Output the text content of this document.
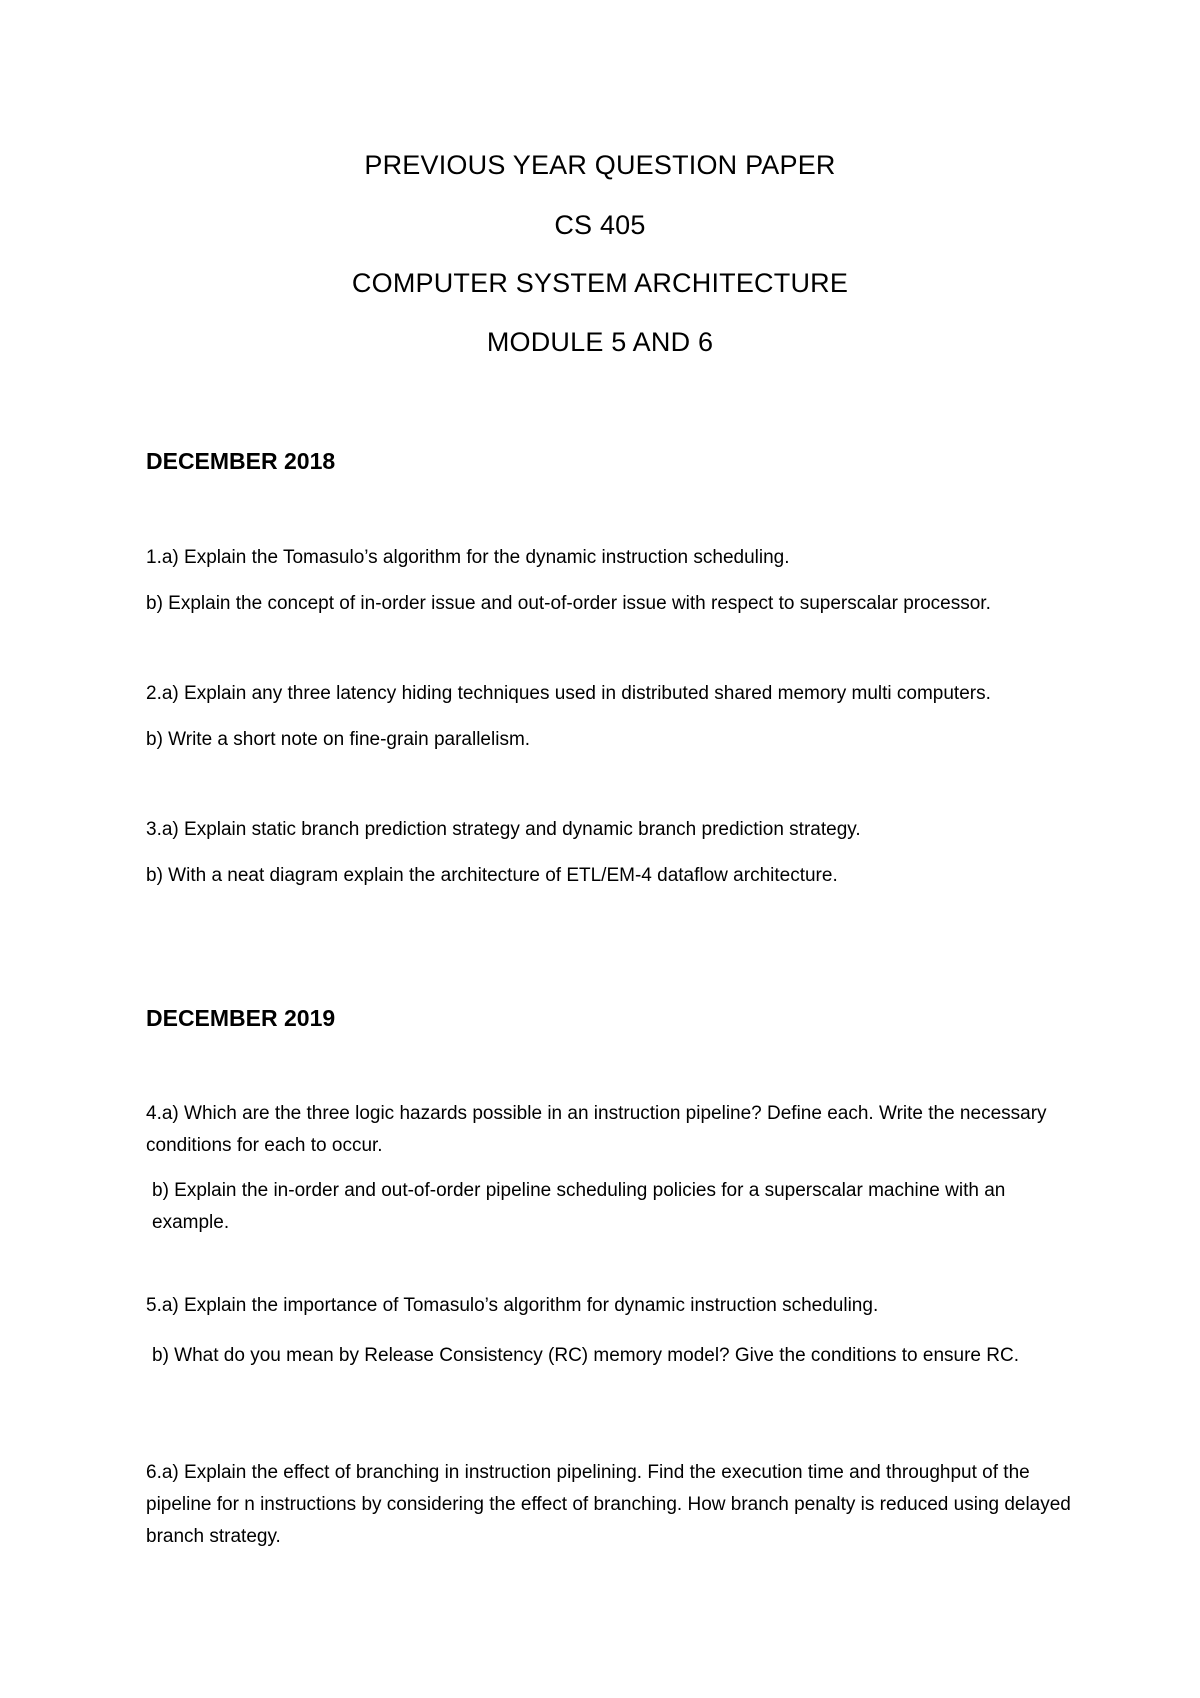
PREVIOUS YEAR QUESTION PAPER
CS 405
COMPUTER SYSTEM ARCHITECTURE
MODULE 5 AND 6
DECEMBER 2018
1.a) Explain the Tomasulo’s algorithm for the dynamic instruction scheduling.
b) Explain the concept of in-order issue and out-of-order issue with respect to superscalar processor.
2.a) Explain any three latency hiding techniques used in distributed shared memory multi computers.
b) Write a short note on fine-grain parallelism.
3.a) Explain static branch prediction strategy and dynamic branch prediction strategy.
b) With a neat diagram explain the architecture of ETL/EM-4 dataflow architecture.
DECEMBER 2019
4.a) Which are the three logic hazards possible in an instruction pipeline? Define each. Write the necessary conditions for each to occur.
b) Explain the in-order and out-of-order pipeline scheduling policies for a superscalar machine with an example.
5.a) Explain the importance of Tomasulo’s algorithm for dynamic instruction scheduling.
b) What do you mean by Release Consistency (RC) memory model? Give the conditions to ensure RC.
6.a) Explain the effect of branching in instruction pipelining. Find the execution time and throughput of the pipeline for n instructions by considering the effect of branching. How branch penalty is reduced using delayed branch strategy.
